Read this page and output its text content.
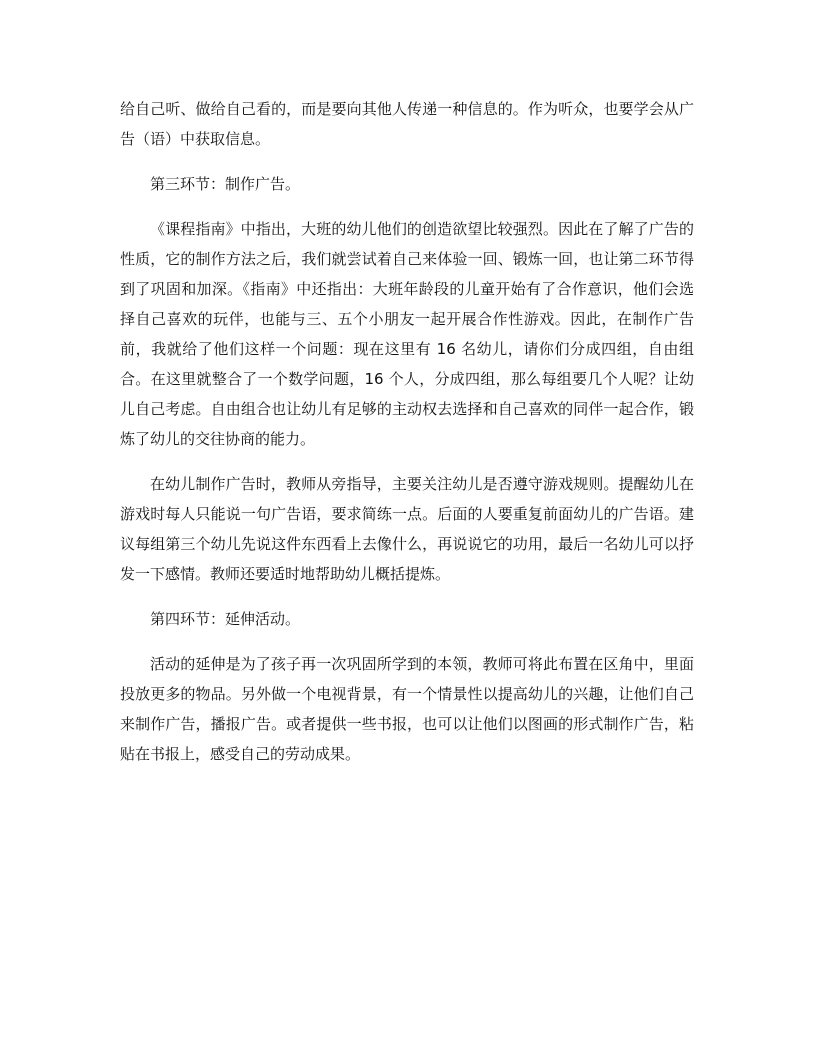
给自己听、做给自己看的，而是要向其他人传递一种信息的。作为听众，也要学会从广告（语）中获取信息。

第三环节：制作广告。

《课程指南》中指出，大班的幼儿他们的创造欲望比较强烈。因此在了解了广告的性质，它的制作方法之后，我们就尝试着自己来体验一回、锻炼一回，也让第二环节得到了巩固和加深。《指南》中还指出：大班年龄段的儿童开始有了合作意识，他们会选择自己喜欢的玩伴，也能与三、五个小朋友一起开展合作性游戏。因此，在制作广告前，我就给了他们这样一个问题：现在这里有 16 名幼儿，请你们分成四组，自由组合。在这里就整合了一个数学问题，16 个人，分成四组，那么每组要几个人呢？让幼儿自己考虑。自由组合也让幼儿有足够的主动权去选择和自己喜欢的同伴一起合作，锻炼了幼儿的交往协商的能力。

在幼儿制作广告时，教师从旁指导，主要关注幼儿是否遵守游戏规则。提醒幼儿在游戏时每人只能说一句广告语，要求简练一点。后面的人要重复前面幼儿的广告语。建议每组第三个幼儿先说这件东西看上去像什么，再说说它的功用，最后一名幼儿可以抒发一下感情。教师还要适时地帮助幼儿概括提炼。

第四环节：延伸活动。

活动的延伸是为了孩子再一次巩固所学到的本领，教师可将此布置在区角中，里面投放更多的物品。另外做一个电视背景，有一个情景性以提高幼儿的兴趣，让他们自己来制作广告，播报广告。或者提供一些书报，也可以让他们以图画的形式制作广告，粘贴在书报上，感受自己的劳动成果。
